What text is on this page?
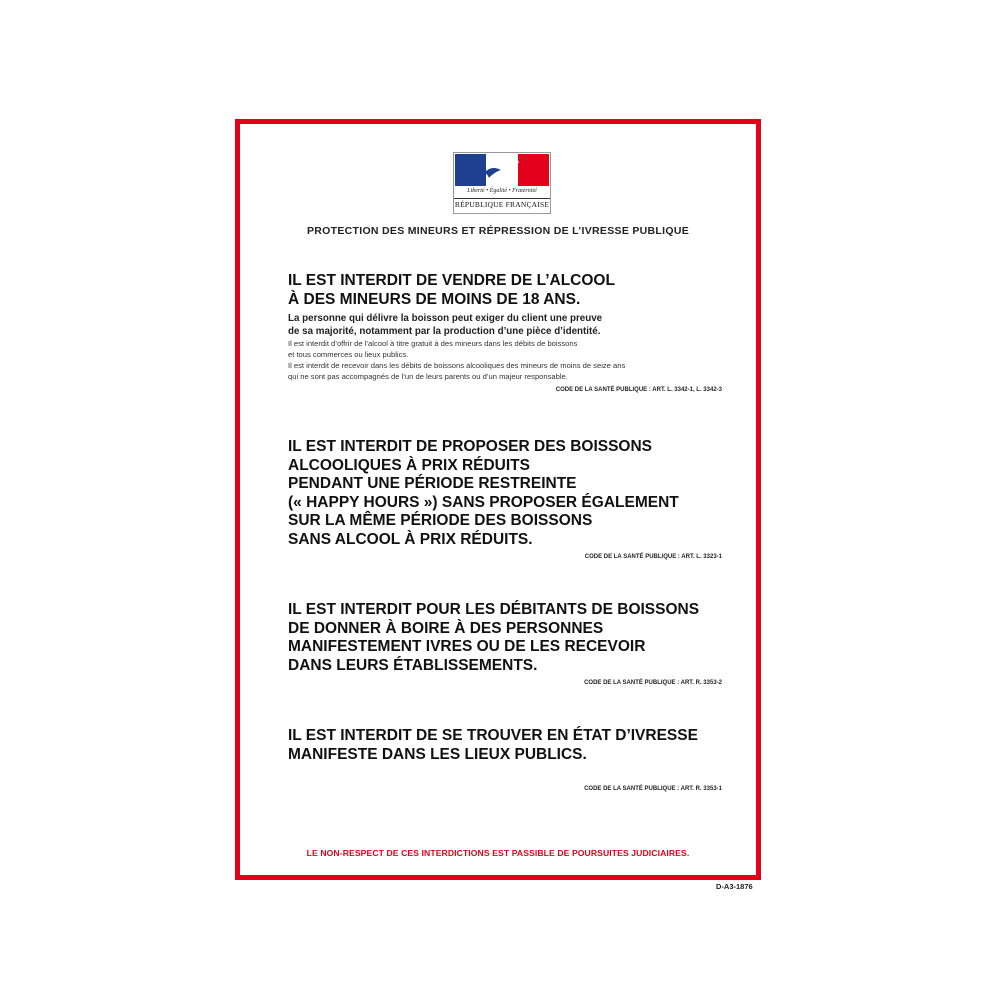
Liberté • Égalité • Fraternité
RÉPUBLIQUE FRANÇAISE
PROTECTION DES MINEURS ET RÉPRESSION DE L’IVRESSE PUBLIQUE
IL EST INTERDIT DE VENDRE DE L’ALCOOL
À DES MINEURS DE MOINS DE 18 ANS.
La personne qui délivre la boisson peut exiger du client une preuve
de sa majorité, notamment par la production d’une pièce d’identité.
Il est interdit d’offrir de l’alcool à titre gratuit à des mineurs dans les débits de boissons
et tous commerces ou lieux publics.
Il est interdit de recevoir dans les débits de boissons alcooliques des mineurs de moins de seize ans
qui ne sont pas accompagnés de l’un de leurs parents ou d’un majeur responsable.
CODE DE LA SANTÉ PUBLIQUE : ART. L. 3342-1, L. 3342-3
IL EST INTERDIT DE PROPOSER DES BOISSONS
ALCOOLIQUES À PRIX RÉDUITS
PENDANT UNE PÉRIODE RESTREINTE
(« HAPPY HOURS ») SANS PROPOSER ÉGALEMENT
SUR LA MÊME PÉRIODE DES BOISSONS
SANS ALCOOL À PRIX RÉDUITS.
CODE DE LA SANTÉ PUBLIQUE : ART. L. 3323-1
IL EST INTERDIT POUR LES DÉBITANTS DE BOISSONS
DE DONNER À BOIRE À DES PERSONNES
MANIFESTEMENT IVRES OU DE LES RECEVOIR
DANS LEURS ÉTABLISSEMENTS.
CODE DE LA SANTÉ PUBLIQUE : ART. R. 3353-2
IL EST INTERDIT DE SE TROUVER EN ÉTAT D’IVRESSE
MANIFESTE DANS LES LIEUX PUBLICS.
CODE DE LA SANTÉ PUBLIQUE : ART. R. 3353-1
LE NON-RESPECT DE CES INTERDICTIONS EST PASSIBLE DE POURSUITES JUDICIAIRES.
D-A3-1876
